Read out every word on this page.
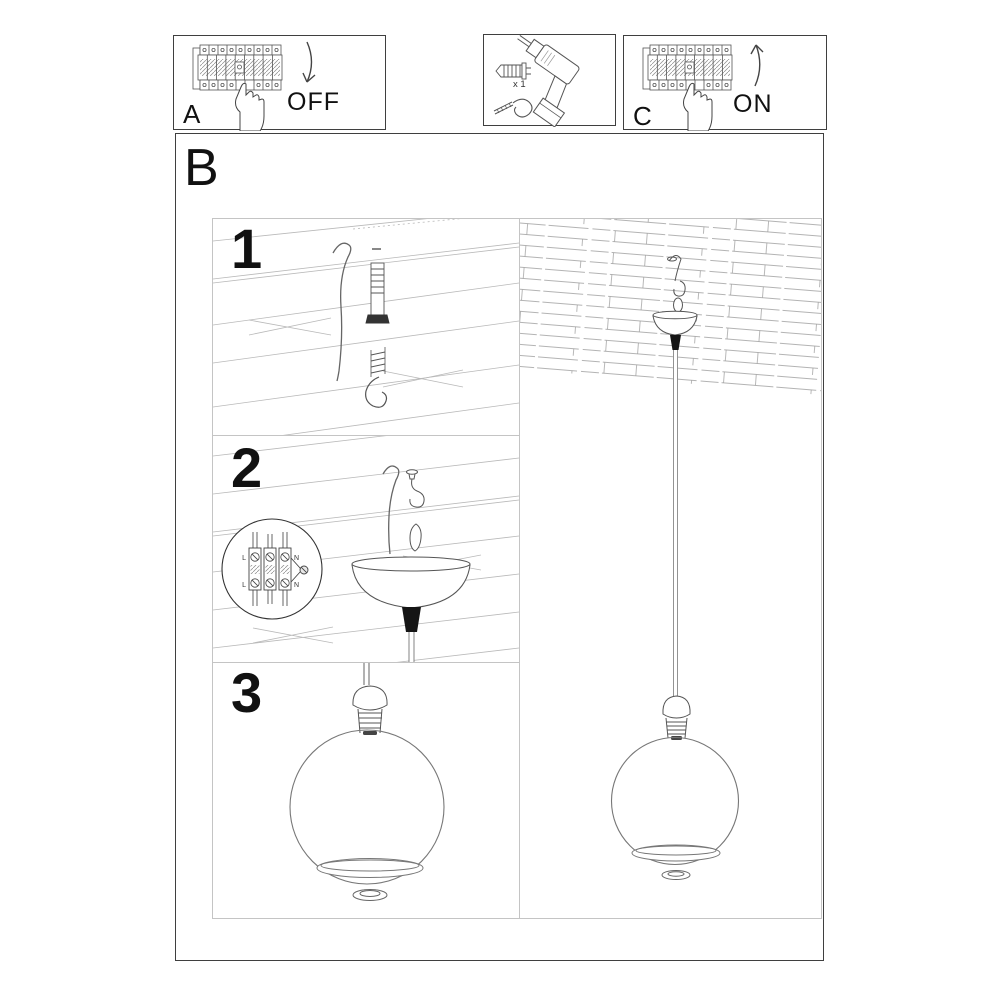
A	OFF
x 1
C	ON
B
1
L	N
L	N
2
3
